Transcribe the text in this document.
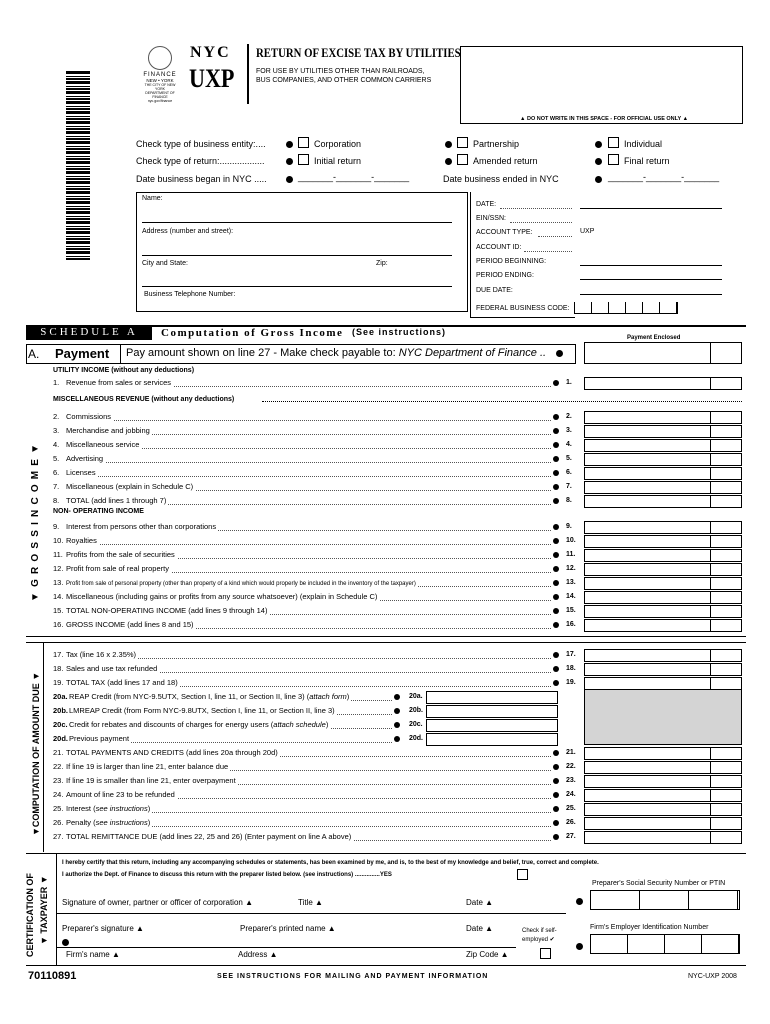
FINANCE
NEW • YORK
THE CITY OF NEW YORK
DEPARTMENT OF FINANCE
nyc.gov/finance
NYC
UXP
RETURN OF EXCISE TAX BY UTILITIES
FOR USE BY UTILITIES OTHER THAN RAILROADS,
BUS COMPANIES, AND OTHER COMMON CARRIERS
▲ DO NOT WRITE IN THIS SPACE - FOR OFFICIAL USE ONLY ▲
Check type of business entity:....	Corporation	Partnership	Individual
Check type of return:..................	Initial return	Amended return	Final return
Date business began in NYC .....	_______-_______-_______	Date business ended in NYC	_______-_______-_______
Name:
Address (number and street):
City and State:	Zip:
Business Telephone Number:
DATE:
EIN/SSN:
ACCOUNT TYPE:	UXP
ACCOUNT ID:
PERIOD BEGINNING:
PERIOD ENDING:
DUE DATE:
FEDERAL BUSINESS CODE:
SCHEDULE A	Computation of Gross Income (See instructions)
Payment Enclosed
A. Payment Pay amount shown on line 27 - Make check payable to: NYC Department of Finance ..
UTILITY INCOME (without any deductions)
MISCELLANEOUS REVENUE (without any deductions)
NON- OPERATING INCOME
▼ G R O S S I N C O M E ▼
▼COMPUTATION OF AMOUNT DUE ▼
1. Revenue from sales or services	1.
2. Commissions	2.
3. Merchandise and jobbing	3.
4. Miscellaneous service	4.
5. Advertising	5.
6. Licenses	6.
7. Miscellaneous (explain in Schedule C)	7.
8. TOTAL (add lines 1 through 7)	8.
9. Interest from persons other than corporations	9.
10. Royalties	10.
11. Profits from the sale of securities	11.
12. Profit from sale of real property	12.
13. Profit from sale of personal property (other than property of a kind which would properly be included in the inventory of the taxpayer)	13.
14. Miscellaneous (including gains or profits from any source whatsoever) (explain in Schedule C)	14.
15. TOTAL NON-OPERATING INCOME (add lines 9 through 14)	15.
16. GROSS INCOME (add lines 8 and 15)	16.
17. Tax (line 16 x 2.35%)	17.
18. Sales and use tax refunded	18.
19. TOTAL TAX (add lines 17 and 18)	19.
20a.REAP Credit (from NYC-9.5UTX, Section I, line 11, or Section II, line 3) (attach form)	20a.
20b.LMREAP Credit (from Form NYC-9.8UTX, Section I, line 11, or Section II, line 3)	20b.
20c.Credit for rebates and discounts of charges for energy users (attach schedule)	20c.
20d.Previous payment	20d.
21. TOTAL PAYMENTS AND CREDITS (add lines 20a through 20d)	21.
22. If line 19 is larger than line 21, enter balance due	22.
23. If line 19 is smaller than line 21, enter overpayment	23.
24. Amount of line 23 to be refunded	24.
25. Interest (see instructions)	25.
26. Penalty (see instructions)	26.
27. TOTAL REMITTANCE DUE (add lines 22, 25 and 26) (Enter payment on line A above)	27.
CERTIFICATION OF ▼ TAXPAYER ▼
I hereby certify that this return, including any accompanying schedules or statements, has been examined by me, and is, to the best of my knowledge and belief, true, correct and complete.
I authorize the Dept. of Finance to discuss this return with the preparer listed below. (see instructions) ...............YES
Preparer's Social Security Number or PTIN
Signature of owner, partner or officer of corporation ▲	Title ▲	Date ▲
Preparer's signature ▲	Preparer's printed name ▲	Date ▲	Check if self-
employed ✔
Firm's Employer Identification Number
Firm's name ▲	Address ▲	Zip Code ▲
70110891	SEE INSTRUCTIONS FOR MAILING AND PAYMENT INFORMATION	NYC-UXP 2008
